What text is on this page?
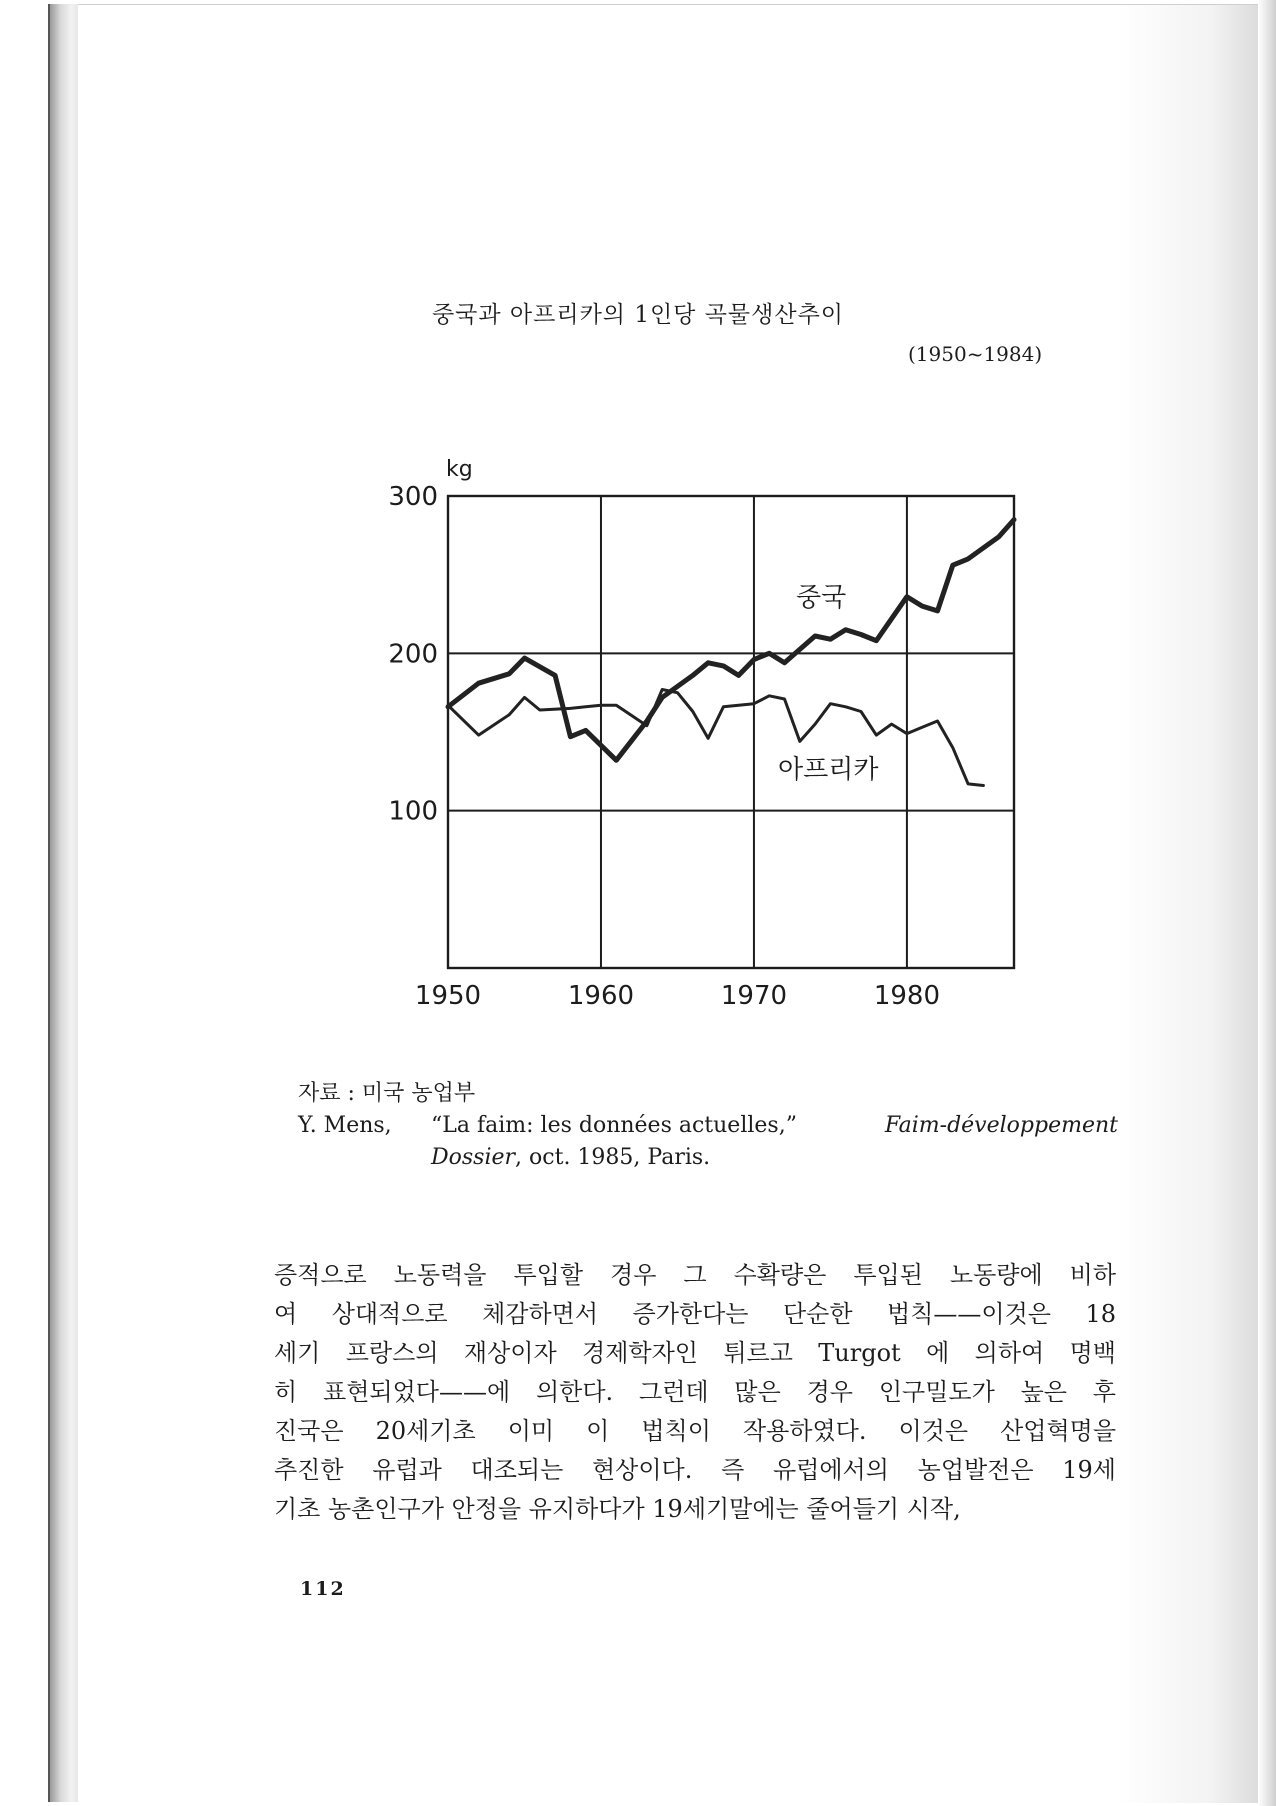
중국과 아프리카의 1인당 곡물생산추이
(1950~1984)
100
200
300
1950	1960	1970	1980
kg
중국
아프리카
자료 : 미국 농업부
Y. Mens,	“La faim: les données actuelles,”	Faim-développement
Dossier, oct. 1985, Paris.

증적으로 노동력을 투입할 경우 그 수확량은 투입된 노동량에 비하
여 상대적으로 체감하면서 증가한다는 단순한 법칙——이것은 18
세기 프랑스의 재상이자 경제학자인 튀르고 Turgot 에 의하여 명백
히 표현되었다——에 의한다. 그런데 많은 경우 인구밀도가 높은 후
진국은 20세기초 이미 이 법칙이 작용하였다. 이것은 산업혁명을
추진한 유럽과 대조되는 현상이다. 즉 유럽에서의 농업발전은 19세
기초 농촌인구가 안정을 유지하다가 19세기말에는 줄어들기 시작,

112
